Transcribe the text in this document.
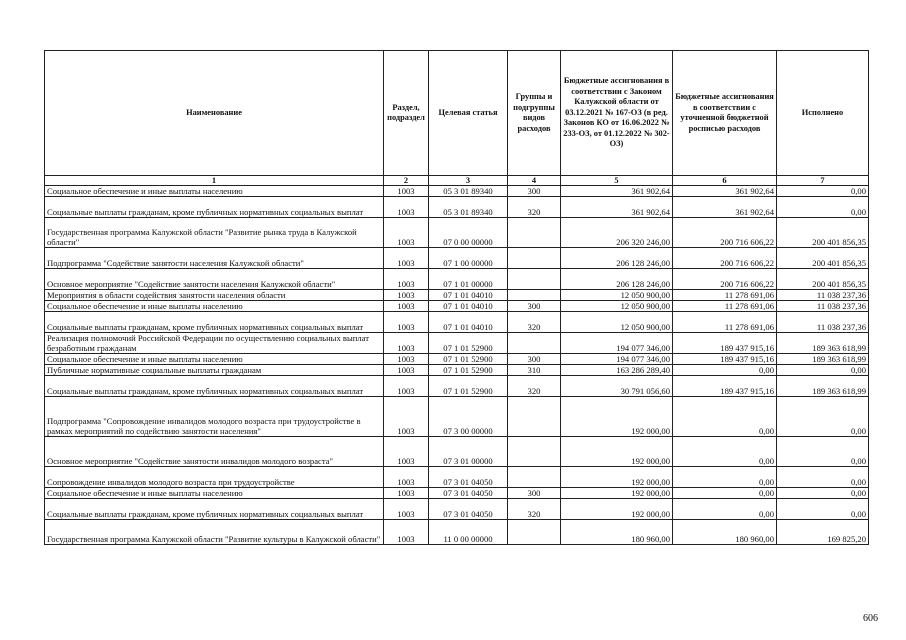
Наименование	Раздел, подраздел	Целевая статья	Группы и подгруппы видов расходов	Бюджетные ассигнования в соответствии с Законом Калужской области от 03.12.2021 № 167-ОЗ (в ред. Законов КО от 16.06.2022 № 233-ОЗ, от 01.12.2022 № 302-ОЗ)	Бюджетные ассигнования в соответствии с уточненной бюджетной росписью расходов	Исполнено
1	2	3	4	5	6	7
Социальное обеспечение и иные выплаты населению	1003	05 3 01 89340	300	361 902,64	361 902,64	0,00
Социальные выплаты гражданам, кроме публичных нормативных социальных выплат	1003	05 3 01 89340	320	361 902,64	361 902,64	0,00
Государственная программа Калужской области "Развитие рынка труда в Калужской области"	1003	07 0 00 00000		206 320 246,00	200 716 606,22	200 401 856,35
Подпрограмма "Содействие занятости населения Калужской области"	1003	07 1 00 00000		206 128 246,00	200 716 606,22	200 401 856,35
Основное мероприятие "Содействие занятости населения Калужской области"	1003	07 1 01 00000		206 128 246,00	200 716 606,22	200 401 856,35
Мероприятия в области содействия занятости населения области	1003	07 1 01 04010		12 050 900,00	11 278 691,06	11 038 237,36
Социальное обеспечение и иные выплаты населению	1003	07 1 01 04010	300	12 050 900,00	11 278 691,06	11 038 237,36
Социальные выплаты гражданам, кроме публичных нормативных социальных выплат	1003	07 1 01 04010	320	12 050 900,00	11 278 691,06	11 038 237,36
Реализация полномочий Российской Федерации по осуществлению социальных выплат безработным гражданам	1003	07 1 01 52900		194 077 346,00	189 437 915,16	189 363 618,99
Социальное обеспечение и иные выплаты населению	1003	07 1 01 52900	300	194 077 346,00	189 437 915,16	189 363 618,99
Публичные нормативные социальные выплаты гражданам	1003	07 1 01 52900	310	163 286 289,40	0,00	0,00
Социальные выплаты гражданам, кроме публичных нормативных социальных выплат	1003	07 1 01 52900	320	30 791 056,60	189 437 915,16	189 363 618,99
Подпрограмма "Сопровождение инвалидов молодого возраста при трудоустройстве в рамках мероприятий по содействию занятости населения"	1003	07 3 00 00000		192 000,00	0,00	0,00
Основное мероприятие "Содействие занятости инвалидов молодого возраста"	1003	07 3 01 00000		192 000,00	0,00	0,00
Сопровождение инвалидов молодого возраста при трудоустройстве	1003	07 3 01 04050		192 000,00	0,00	0,00
Социальное обеспечение и иные выплаты населению	1003	07 3 01 04050	300	192 000,00	0,00	0,00
Социальные выплаты гражданам, кроме публичных нормативных социальных выплат	1003	07 3 01 04050	320	192 000,00	0,00	0,00
Государственная программа Калужской области "Развитие культуры в Калужской области"	1003	11 0 00 00000		180 960,00	180 960,00	169 825,20
606
